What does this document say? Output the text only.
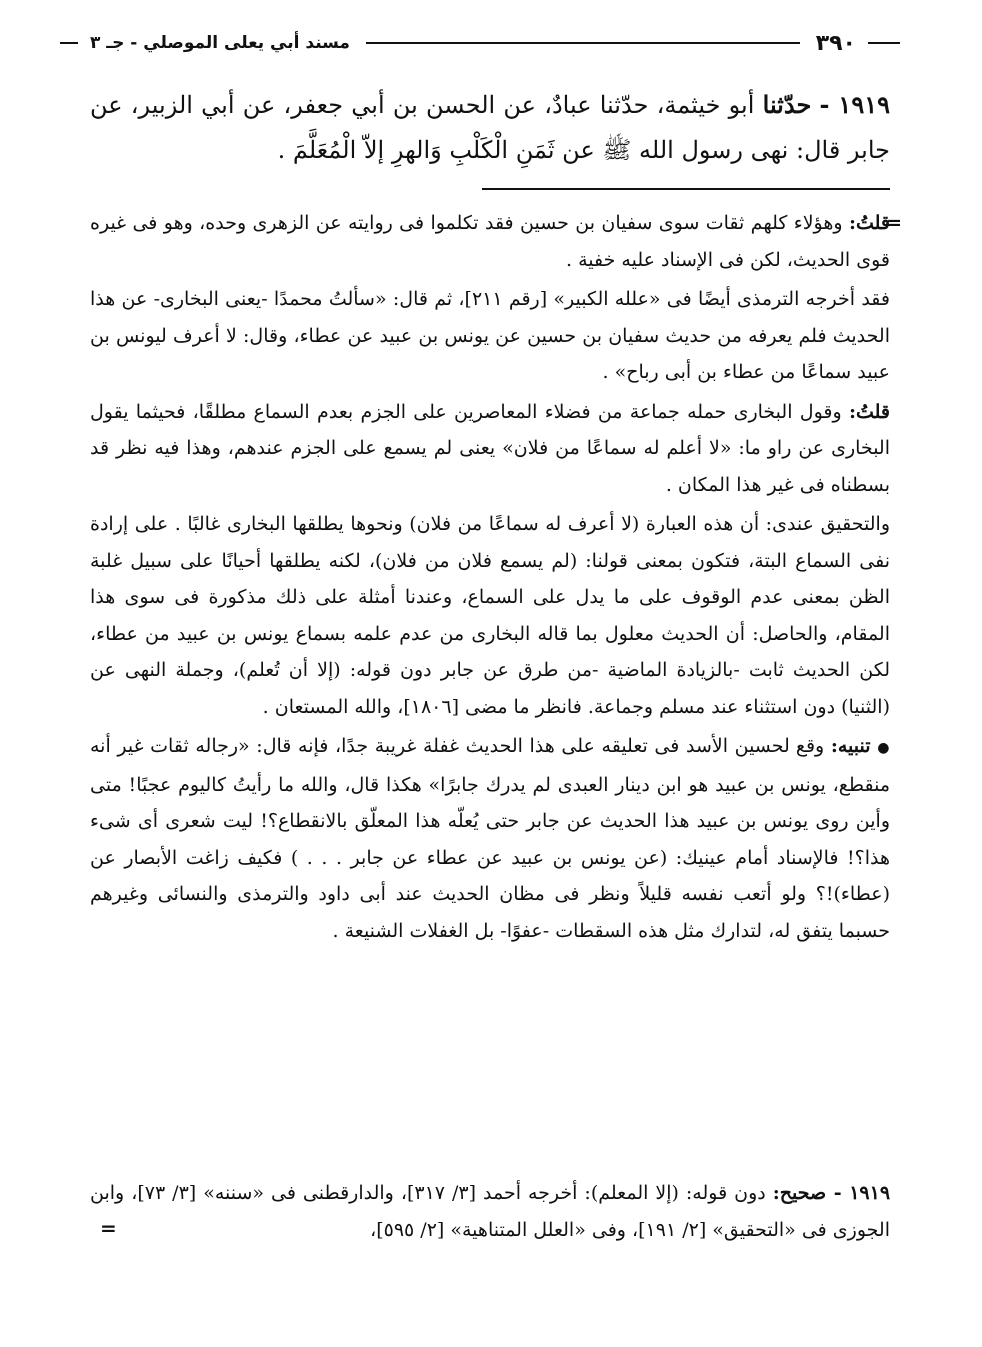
٣٩٠
مسند أبي يعلى الموصلي - جـ ٣
١٩١٩ - حدّثنا أبو خيثمة، حدّثنا عبادٌ، عن الحسن بن أبي جعفر، عن أبي الزبير، عن جابر قال: نهى رسول الله ﷺ عن ثَمَنِ الْكَلْبِ وَالهرِ إلاّ الْمُعَلَّمَ .

=
قلتُ: وهؤلاء كلهم ثقات سوى سفيان بن حسين فقد تكلموا فى روايته عن الزهرى وحده، وهو فى غيره قوى الحديث، لكن فى الإسناد عليه خفية .

فقد أخرجه الترمذى أيضًا فى «علله الكبير» [رقم ٢١١]، ثم قال: «سألتُ محمدًا -يعنى البخارى- عن هذا الحديث فلم يعرفه من حديث سفيان بن حسين عن يونس بن عبيد عن عطاء، وقال: لا أعرف ليونس بن عبيد سماعًا من عطاء بن أبى رباح» .

قلتُ: وقول البخارى حمله جماعة من فضلاء المعاصرين على الجزم بعدم السماع مطلقًا، فحيثما يقول البخارى عن راو ما: «لا أعلم له سماعًا من فلان» يعنى لم يسمع على الجزم عندهم، وهذا فيه نظر قد بسطناه فى غير هذا المكان .

والتحقيق عندى: أن هذه العبارة (لا أعرف له سماعًا من فلان) ونحوها يطلقها البخارى غالبًا . على إرادة نفى السماع البتة، فتكون بمعنى قولنا: (لم يسمع فلان من فلان)، لكنه يطلقها أحيانًا على سبيل غلبة الظن بمعنى عدم الوقوف على ما يدل على السماع، وعندنا أمثلة على ذلك مذكورة فى سوى هذا المقام، والحاصل: أن الحديث معلول بما قاله البخارى من عدم علمه بسماع يونس بن عبيد من عطاء، لكن الحديث ثابت -بالزيادة الماضية -من طرق عن جابر دون قوله: (إلا أن تُعلم)، وجملة النهى عن (الثنيا) دون استثناء عند مسلم وجماعة. فانظر ما مضى [١٨٠٦]، والله المستعان .

● تنبيه: وقع لحسين الأسد فى تعليقه على هذا الحديث غفلة غريبة جدًا، فإنه قال: «رجاله ثقات غير أنه منقطع، يونس بن عبيد هو ابن دينار العبدى لم يدرك جابرًا» هكذا قال، والله ما رأيتُ كاليوم عجبًا! متى وأين روى يونس بن عبيد هذا الحديث عن جابر حتى يُعلّه هذا المعلّق بالانقطاع؟! ليت شعرى أى شىء هذا؟! فالإسناد أمام عينيك: (عن يونس بن عبيد عن عطاء عن جابر . . . ) فكيف زاغت الأبصار عن (عطاء)!؟ ولو أتعب نفسه قليلاً ونظر فى مظان الحديث عند أبى داود والترمذى والنسائى وغيرهم حسبما يتفق له، لتدارك مثل هذه السقطات -عفوًا- بل الغفلات الشنيعة .

١٩١٩ - صحيح: دون قوله: (إلا المعلم): أخرجه أحمد [٣/ ٣١٧]، والدارقطنى فى «سننه» [٣/ ٧٣]، وابن الجوزى فى «التحقيق» [٢/ ١٩١]، وفى «العلل المتناهية» [٢/ ٥٩٥]،
=
